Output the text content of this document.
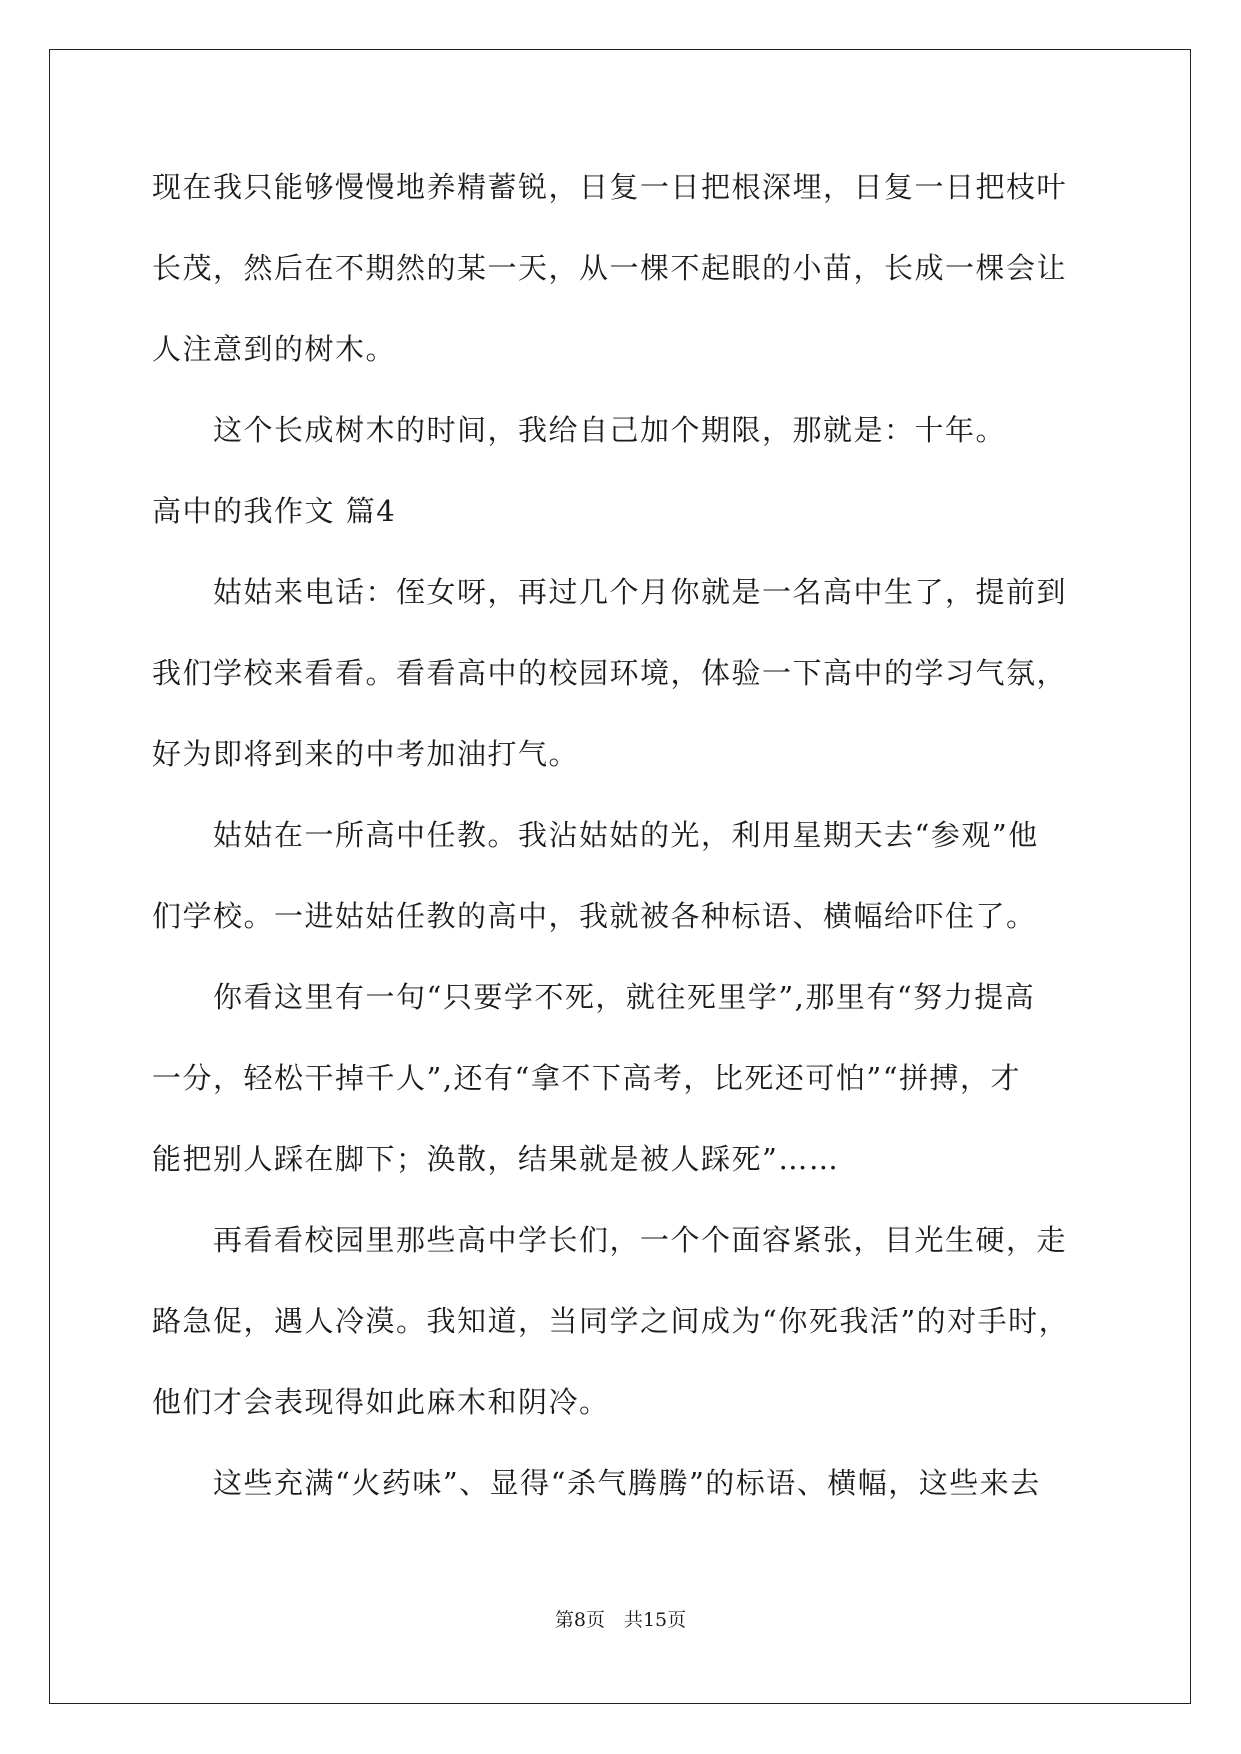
现在我只能够慢慢地养精蓄锐，日复一日把根深埋，日复一日把枝叶
长茂，然后在不期然的某一天，从一棵不起眼的小苗，长成一棵会让
人注意到的树木。
　　这个长成树木的时间，我给自己加个期限，那就是：十年。
高中的我作文 篇4
　　姑姑来电话：侄女呀，再过几个月你就是一名高中生了，提前到
我们学校来看看。看看高中的校园环境，体验一下高中的学习气氛，
好为即将到来的中考加油打气。
　　姑姑在一所高中任教。我沾姑姑的光，利用星期天去“参观”他
们学校。一进姑姑任教的高中，我就被各种标语、横幅给吓住了。
　　你看这里有一句“只要学不死，就往死里学”,那里有“努力提高
一分，轻松干掉千人”,还有“拿不下高考，比死还可怕”“拼搏，才
能把别人踩在脚下；涣散，结果就是被人踩死”……
　　再看看校园里那些高中学长们，一个个面容紧张，目光生硬，走
路急促，遇人冷漠。我知道，当同学之间成为“你死我活”的对手时，
他们才会表现得如此麻木和阴冷。
　　这些充满“火药味”、显得“杀气腾腾”的标语、横幅，这些来去
第8页　共15页
